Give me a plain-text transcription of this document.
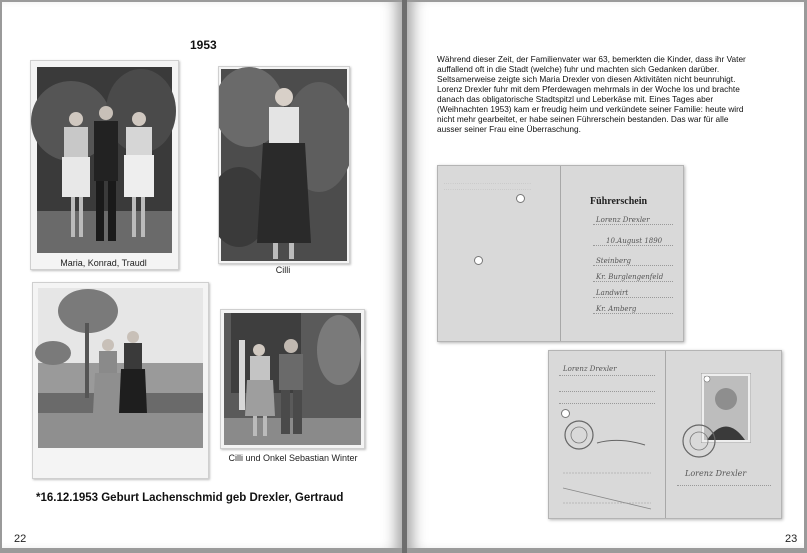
1953
Maria, Konrad, Traudl
Cilli
Cilli und Onkel Sebastian Winter
*16.12.1953 Geburt Lachenschmid geb Drexler, Gertraud
22
Während dieser Zeit, der Familienvater war 63, bemerkten die Kinder, dass ihr Vater
auffallend oft in die Stadt (welche) fuhr und machten sich Gedanken darüber.
Seltsamerweise zeigte sich Maria Drexler von diesen Aktivitäten nicht beunruhigt.
Lorenz Drexler fuhr mit dem Pferdewagen mehrmals in der Woche los und brachte
danach das obligatorische Stadtspitzl und Leberkäse mit. Eines Tages aber
(Weihnachten 1953) kam er freudig heim und verkündete seiner Familie: heute wird
nicht mehr gearbeitet, er habe seinen Führerschein bestanden. Das war für alle
ausser seiner Frau eine Überraschung.
· · · · · · · · · · · · · · · · · · · · · · · · · · · · · · · · · · · · · · · · ·
· · · · · · · · · · · · · · · · · · · · · · · · · · · · · · · · · · · · · · · · ·
Führerschein
Lorenz Drexler
10.August 1890
Steinberg
Kr. Burglengenfeld
Landwirt
Kr. Amberg
Lorenz Drexler
Lorenz Drexler
23
